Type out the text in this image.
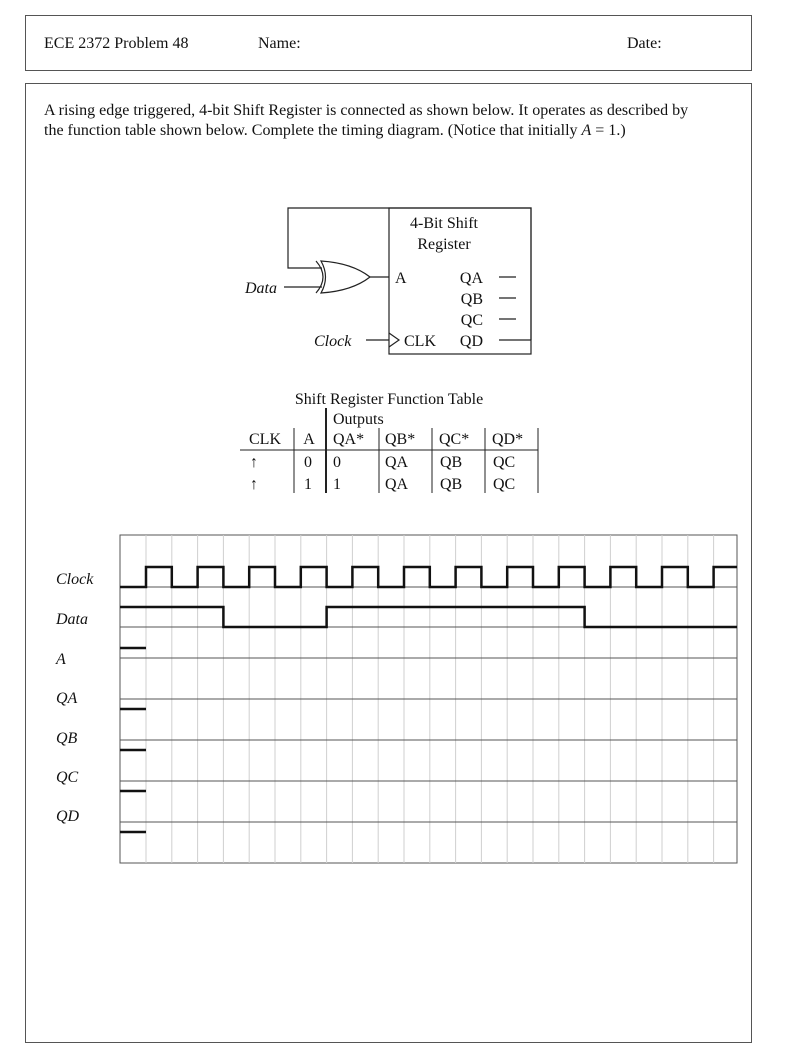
ECE 2372 Problem 48	Name:	Date:

A rising edge triggered, 4-bit Shift Register is connected as shown below. It operates as described by the function table shown below. Complete the timing diagram. (Notice that initially A = 1.)

4-Bit Shift
Register
A
CLK
QA
QB
QC
QD
Data
Clock
Shift Register Function Table
Outputs
CLK A QA* QB* QC* QD*
↑	0 0	QA QB QC
↑	1 1	QA QB QC
Clock
Data
A
QA
QB
QC
QD
